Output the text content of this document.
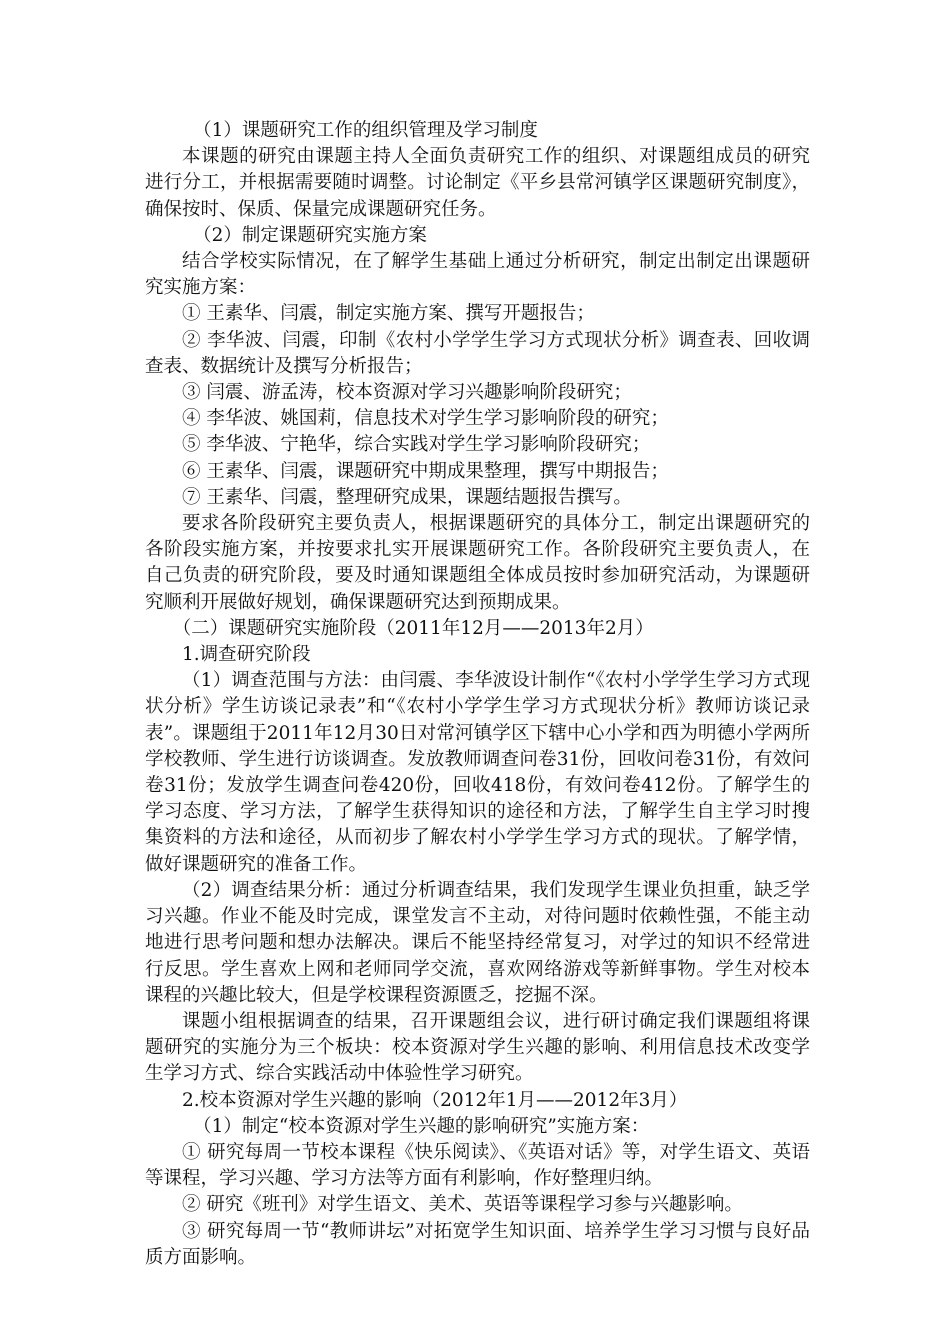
（1）课题研究工作的组织管理及学习制度

本课题的研究由课题主持人全面负责研究工作的组织、对课题组成员的研究进行分工，并根据需要随时调整。讨论制定《平乡县常河镇学区课题研究制度》，确保按时、保质、保量完成课题研究任务。

（2）制定课题研究实施方案

结合学校实际情况，在了解学生基础上通过分析研究，制定出制定出课题研究实施方案：

① 王素华、闫震，制定实施方案、撰写开题报告；

② 李华波、闫震，印制《农村小学学生学习方式现状分析》调查表、回收调查表、数据统计及撰写分析报告；

③ 闫震、游孟涛，校本资源对学习兴趣影响阶段研究；

④ 李华波、姚国莉，信息技术对学生学习影响阶段的研究；

⑤ 李华波、宁艳华，综合实践对学生学习影响阶段研究；

⑥ 王素华、闫震，课题研究中期成果整理，撰写中期报告；

⑦ 王素华、闫震，整理研究成果，课题结题报告撰写。

要求各阶段研究主要负责人，根据课题研究的具体分工，制定出课题研究的各阶段实施方案，并按要求扎实开展课题研究工作。各阶段研究主要负责人，在自己负责的研究阶段，要及时通知课题组全体成员按时参加研究活动，为课题研究顺利开展做好规划，确保课题研究达到预期成果。

（二）课题研究实施阶段（2011年12月——2013年2月）

1.调查研究阶段

（1）调查范围与方法：由闫震、李华波设计制作“《农村小学学生学习方式现状分析》学生访谈记录表”和“《农村小学学生学习方式现状分析》教师访谈记录表”。课题组于2011年12月30日对常河镇学区下辖中心小学和西为明德小学两所学校教师、学生进行访谈调查。发放教师调查问卷31份，回收问卷31份，有效问卷31份；发放学生调查问卷420份，回收418份，有效问卷412份。了解学生的学习态度、学习方法，了解学生获得知识的途径和方法，了解学生自主学习时搜集资料的方法和途径，从而初步了解农村小学学生学习方式的现状。了解学情，做好课题研究的准备工作。

（2）调查结果分析：通过分析调查结果，我们发现学生课业负担重，缺乏学习兴趣。作业不能及时完成，课堂发言不主动，对待问题时依赖性强，不能主动地进行思考问题和想办法解决。课后不能坚持经常复习，对学过的知识不经常进行反思。学生喜欢上网和老师同学交流，喜欢网络游戏等新鲜事物。学生对校本课程的兴趣比较大，但是学校课程资源匮乏，挖掘不深。

课题小组根据调查的结果，召开课题组会议，进行研讨确定我们课题组将课题研究的实施分为三个板块：校本资源对学生兴趣的影响、利用信息技术改变学生学习方式、综合实践活动中体验性学习研究。

2.校本资源对学生兴趣的影响（2012年1月——2012年3月）

（1）制定“校本资源对学生兴趣的影响研究”实施方案：

① 研究每周一节校本课程《快乐阅读》、《英语对话》等，对学生语文、英语等课程，学习兴趣、学习方法等方面有利影响，作好整理归纳。

② 研究《班刊》对学生语文、美术、英语等课程学习参与兴趣影响。

③ 研究每周一节“教师讲坛”对拓宽学生知识面、培养学生学习习惯与良好品质方面影响。
